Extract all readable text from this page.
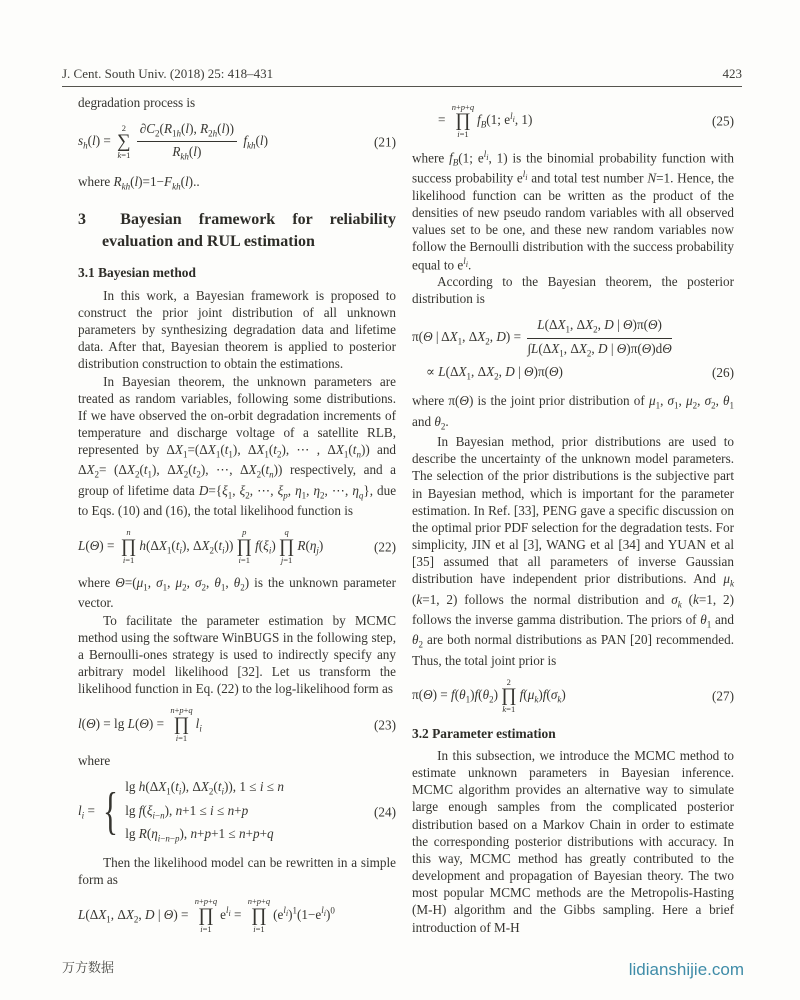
J. Cent. South Univ. (2018) 25: 418–431	423

degradation process is

$s_h(l)$ =
2
∑
$k=1 \frac{\partial C_2(R_{1h}(l), R_{2h}(l))}{R_{kh}(l)} f_{kh}(l)$	(21)

where $R_{kh}(l)=1-F_{kh}(l)$..

3  Bayesian framework for reliability evaluation and RUL estimation
3.1 Bayesian method

In this work, a Bayesian framework is proposed to construct the prior joint distribution of all unknown parameters by synthesizing degradation data and lifetime data. After that, Bayesian theorem is applied to posterior distribution construction to obtain the estimations.

In Bayesian theorem, the unknown parameters are treated as random variables, following some distributions. If we have observed the on-orbit degradation increments of temperature and discharge voltage of a satellite RLB, represented by $\Delta X_1=(\Delta X_1(t_1)$, $\Delta X_1(t_2)$, ⋯ , $\Delta X_1(t_n)$) and $\Delta X_2= (\Delta X_2(t_1)$, $\Delta X_2(t_2)$, ⋯, $\Delta X_2(t_n)$) respectively, and a group of lifetime data $D=\{\xi_1$, $\xi_2$, ⋯, $\xi_p$, $\eta_1$, $\eta_2$, ⋯, $\eta_q$}, due to Eqs. (10) and (16), the total likelihood function is

L(Θ) =
n
∏
i=1
$h(\Delta X_1(t_i)$, $\Delta X_2(t_i)$)
p
∏
i=1
$f(\xi_i)$
q
∏
j=1
$R(\eta_j)$	(22)

where $\Theta=(\mu_1$, $\sigma_1$, $\mu_2$, $\sigma_2$, $\theta_1$, $\theta_2$) is the unknown parameter vector.

To facilitate the parameter estimation by MCMC method using the software WinBUGS in the following step, a Bernoulli-ones strategy is used to indirectly specify any arbitrary model likelihood [32]. Let us transform the likelihood function in Eq. (22) to the log-likelihood form as

l(Θ) = lg L(Θ) =
n+p+q
∏
i=1
$l_i$	(23)

where

$l_i$ = { $\lg h(\Delta X_1(t_i)$, $\Delta X_2(t_i)$), 1 ≤ i ≤ n
$\lg f(\xi_{i-n})$, n+1 ≤ i ≤ n+p
$\lg R(\eta_{i-n-p})$, n+p+1 ≤ n+p+q
(24)

Then the likelihood model can be rewritten in a simple form as

$L(\Delta X_1$, $\Delta X_2$, D | Θ) =
n+p+q
∏
i=1
$e^{l_i}$ =
n+p+q
∏
i=1
$(e^{l_i})^1(1-e^{l_i})^0$
=
n+p+q
∏
i=1
$f_B(1$; $e^{l_i}$, 1)	(25)

where $f_B(1$; $e^{l_i}$, 1) is the binomial probability function with success probability $e^{l_i}$ and total test number N=1. Hence, the likelihood function can be written as the product of the densities of new pseudo random variables with all observed values set to be one, and these new random variables now follow the Bernoulli distribution with the success probability equal to $e^{l_i}$.

According to the Bayesian theorem, the posterior distribution is

π(Θ | $\Delta X_1$, $\Delta X_2$, $D) = \frac{L(\Delta X_1, \Delta X_2, D | \Theta)\pi(\Theta)}{\int L(\Delta X_1, \Delta X_2, D | \Theta)\pi(\Theta)d\Theta}$
∝ $L(\Delta X_1$, $\Delta X_2$, D | Θ)π(Θ)	(26)

where π(Θ) is the joint prior distribution of $\mu_1$, $\sigma_1$, $\mu_2$, $\sigma_2$, $\theta_1$ and $\theta_2$.

In Bayesian method, prior distributions are used to describe the uncertainty of the unknown model parameters. The selection of the prior distributions is the subjective part in Bayesian method, which is important for the parameter estimation. In Ref. [33], PENG gave a specific discussion on the optimal prior PDF selection for the degradation tests. For simplicity, JIN et al [3], WANG et al [34] and YUAN et al [35] assumed that all parameters of inverse Gaussian distribution have independent prior distributions. And $\mu_k$ (k=1, 2) follows the normal distribution and $\sigma_k$ (k=1, 2) follows the inverse gamma distribution. The priors of $\theta_1$ and $\theta_2$ are both normal distributions as PAN [20] recommended. Thus, the total joint prior is

$\pi(\Theta) = f(\theta_1)f(\theta_2)$
2
∏
k=1
$f(\mu_k)f(\sigma_k)$	(27)
3.2 Parameter estimation

In this subsection, we introduce the MCMC method to estimate unknown parameters in Bayesian inference. MCMC algorithm provides an alternative way to simulate large enough samples from the complicated posterior distribution based on a Markov Chain in order to estimate the corresponding posterior distributions with accuracy. In this way, MCMC method has greatly contributed to the development and propagation of Bayesian theory. The two most popular MCMC methods are the Metropolis-Hasting (M-H) algorithm and the Gibbs sampling. Here a brief introduction of M-H

万方数据	lidianshijie.com
